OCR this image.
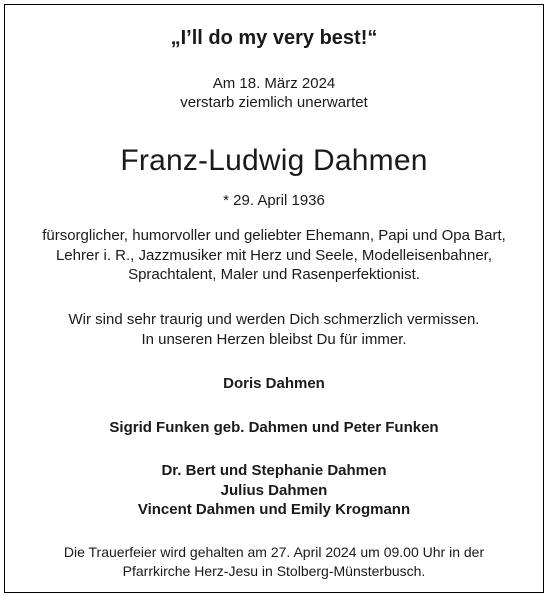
„I’ll do my very best!“
Am 18. März 2024
verstarb ziemlich unerwartet
Franz-Ludwig Dahmen
* 29. April 1936
fürsorglicher, humorvoller und geliebter Ehemann, Papi und Opa Bart,
Lehrer i. R., Jazzmusiker mit Herz und Seele, Modelleisenbahner,
Sprachtalent, Maler und Rasenperfektionist.
Wir sind sehr traurig und werden Dich schmerzlich vermissen.
In unseren Herzen bleibst Du für immer.
Doris Dahmen
Sigrid Funken geb. Dahmen und Peter Funken
Dr. Bert und Stephanie Dahmen
Julius Dahmen
Vincent Dahmen und Emily Krogmann
Die Trauerfeier wird gehalten am 27. April 2024 um 09.00 Uhr in der
Pfarrkirche Herz-Jesu in Stolberg-Münsterbusch.
